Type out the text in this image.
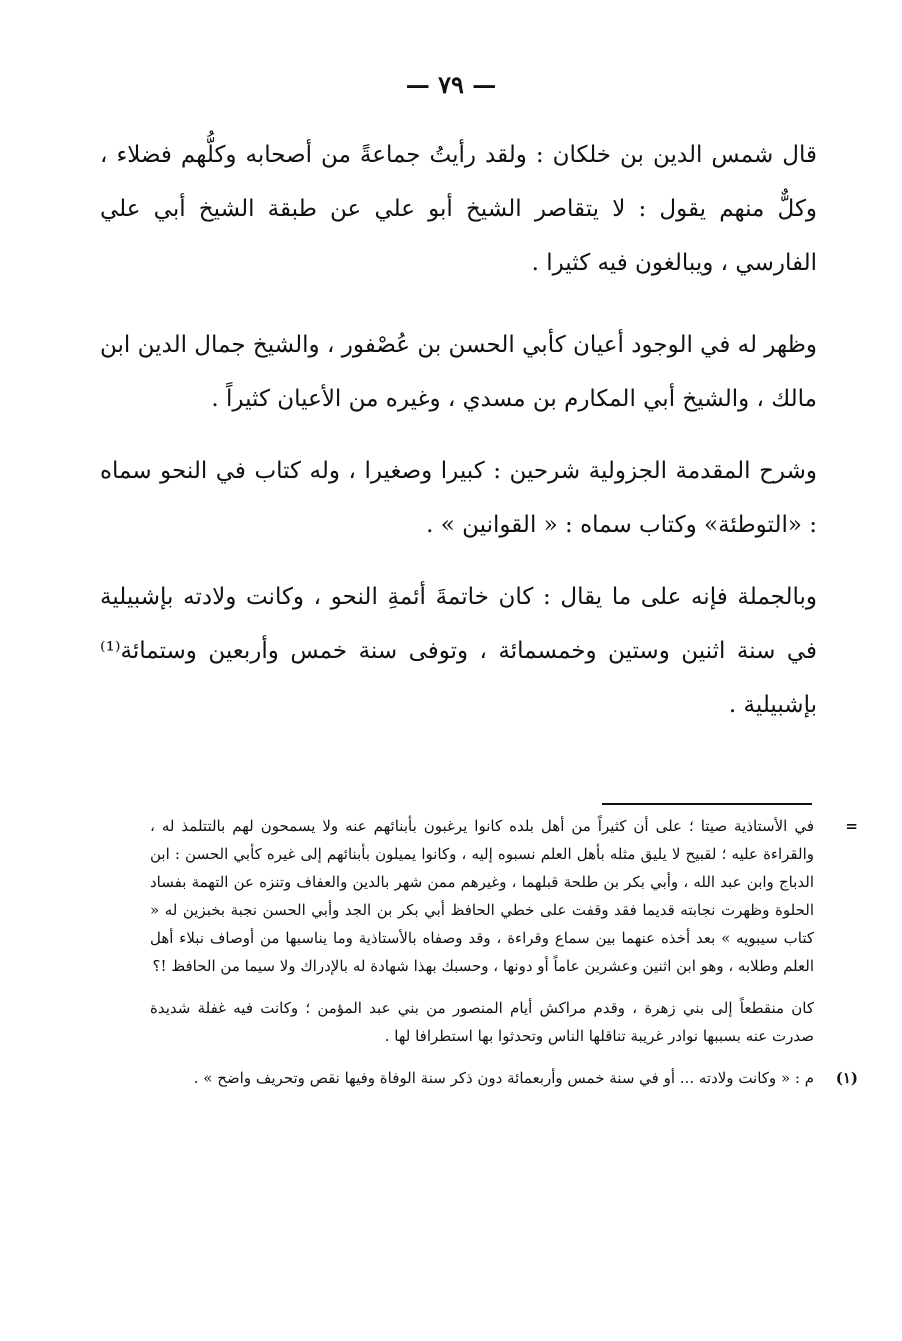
— ٧٩ —

قال شمس الدين بن خلكان : ولقد رأيتُ جماعةً من أصحابه وكلُّهم فضلاء ، وكلٌّ منهم يقول : لا يتقاصر الشيخ أبو علي عن طبقة الشيخ أبي علي الفارسي ، ويبالغون فيه كثيرا .

وظهر له في الوجود أعيان كأبي الحسن بن عُصْفور ، والشيخ جمال الدين ابن مالك ، والشيخ أبي المكارم بن مسدي ، وغيره من الأعيان كثيراً .

وشرح المقدمة الجزولية شرحين : كبيرا وصغيرا ، وله كتاب في النحو سماه : «التوطئة» وكتاب سماه : « القوانين » .

وبالجملة فإنه على ما يقال : كان خاتمةَ أئمةِ النحو ، وكانت ولادته بإشبيلية في سنة اثنين وستين وخمسمائة ، وتوفى سنة خمس وأربعين وستمائة⁽¹⁾ بإشبيلية .

=

في الأستاذية صيتا ؛ على أن كثيراً من أهل بلده كانوا يرغبون بأبنائهم عنه ولا يسمحون لهم بالتتلمذ له ، والقراءة عليه ؛ لقبيح لا يليق مثله بأهل العلم نسبوه إليه ، وكانوا يميلون بأبنائهم إلى غيره كأبي الحسن : ابن الدباج وابن عبد الله ، وأبي بكر بن طلحة قبلهما ، وغيرهم ممن شهر بالدين والعفاف وتنزه عن التهمة بفساد الحلوة وظهرت نجابته قديما فقد وقفت على خطي الحافظ أبي بكر بن الجد وأبي الحسن نجبة بخبزين له « كتاب سيبويه » بعد أخذه عنهما بين سماع وقراءة ، وقد وصفاه بالأستاذية وما يناسبها من أوصاف نبلاء أهل العلم وطلابه ، وهو ابن اثنين وعشرين عاماً أو دونها ، وحسبك بهذا شهادة له بالإدراك ولا سيما من الحافظ !؟

كان منقطعاً إلى بني زهرة ، وقدم مراكش أيام المنصور من بني عبد المؤمن ؛ وكانت فيه غفلة شديدة صدرت عنه بسببها نوادر غريبة تناقلها الناس وتحدثوا بها استطرافا لها .

(١)

م : « وكانت ولادته ... أو في سنة خمس وأربعمائة دون ذكر سنة الوفاة وفيها نقص وتحريف واضح » .
